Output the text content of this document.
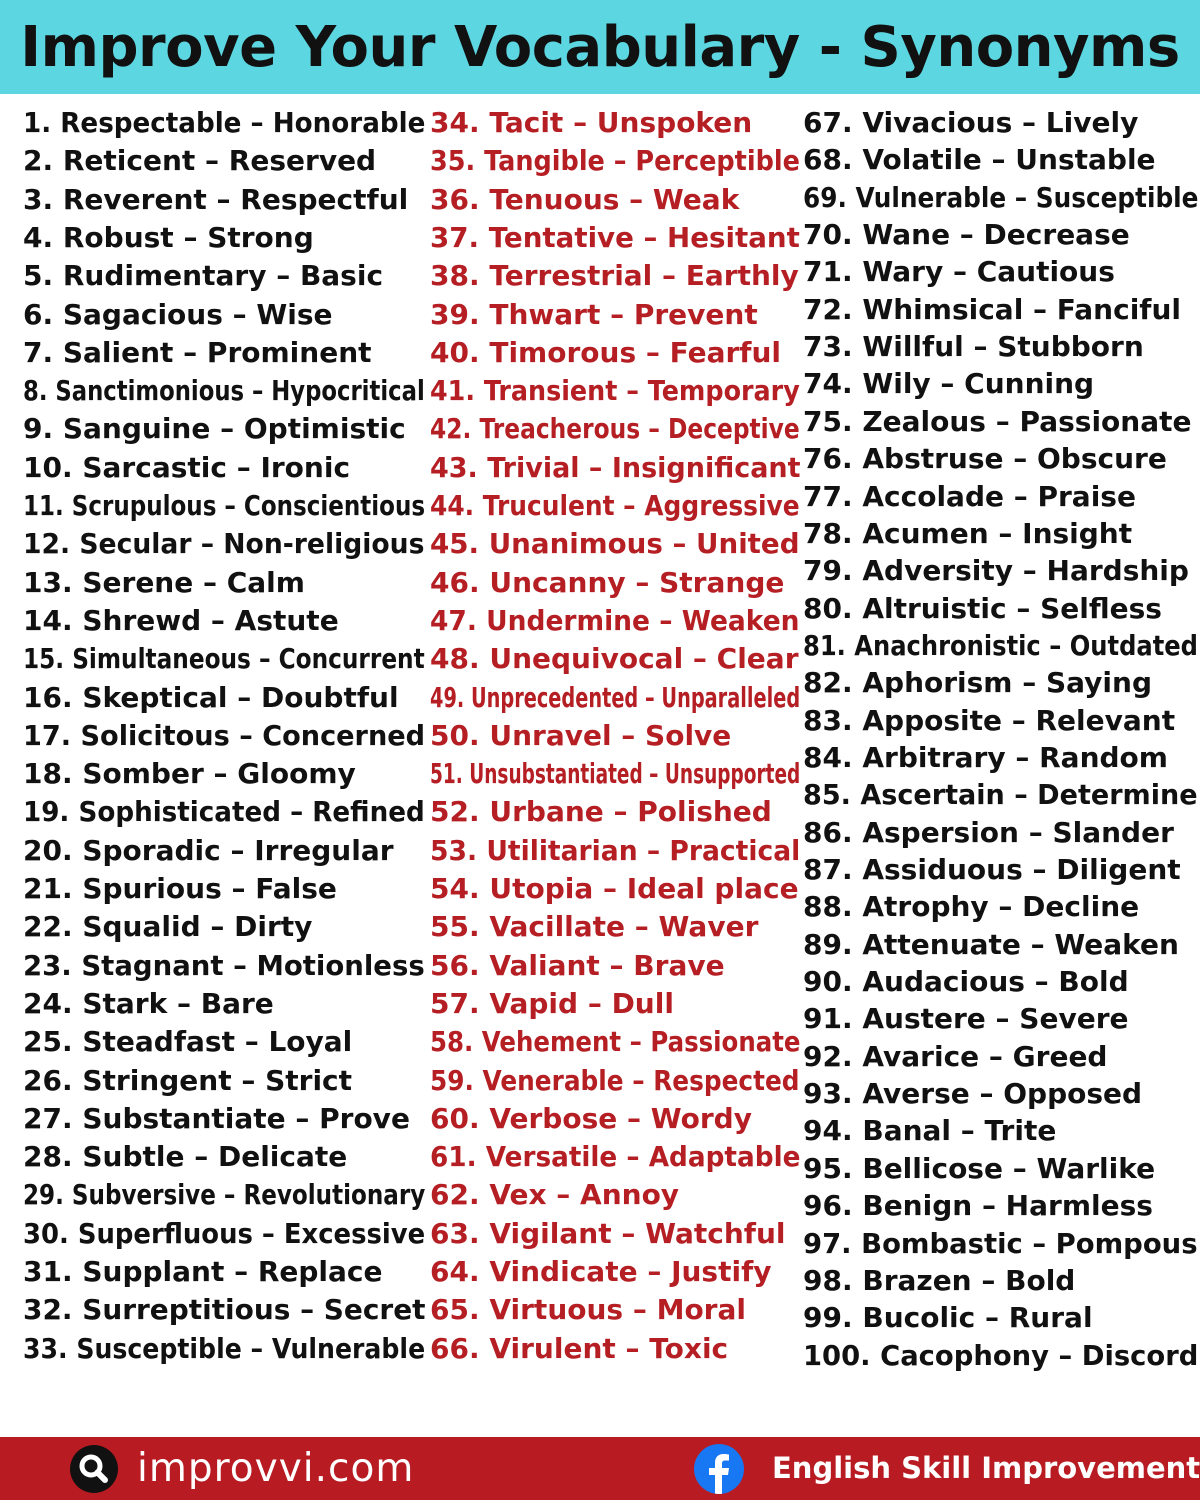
Improve Your Vocabulary - Synonyms
1. Respectable – Honorable
2. Reticent – Reserved
3. Reverent – Respectful
4. Robust – Strong
5. Rudimentary – Basic
6. Sagacious – Wise
7. Salient – Prominent
8. Sanctimonious – Hypocritical
9. Sanguine – Optimistic
10. Sarcastic – Ironic
11. Scrupulous – Conscientious
12. Secular – Non-religious
13. Serene – Calm
14. Shrewd – Astute
15. Simultaneous – Concurrent
16. Skeptical – Doubtful
17. Solicitous – Concerned
18. Somber – Gloomy
19. Sophisticated – Refined
20. Sporadic – Irregular
21. Spurious – False
22. Squalid – Dirty
23. Stagnant – Motionless
24. Stark – Bare
25. Steadfast – Loyal
26. Stringent – Strict
27. Substantiate – Prove
28. Subtle – Delicate
29. Subversive – Revolutionary
30. Superfluous – Excessive
31. Supplant – Replace
32. Surreptitious – Secret
33. Susceptible – Vulnerable
34. Tacit – Unspoken
35. Tangible – Perceptible
36. Tenuous – Weak
37. Tentative – Hesitant
38. Terrestrial – Earthly
39. Thwart – Prevent
40. Timorous – Fearful
41. Transient – Temporary
42. Treacherous – Deceptive
43. Trivial – Insignificant
44. Truculent – Aggressive
45. Unanimous – United
46. Uncanny – Strange
47. Undermine – Weaken
48. Unequivocal – Clear
49. Unprecedented – Unparalleled
50. Unravel – Solve
51. Unsubstantiated – Unsupported
52. Urbane – Polished
53. Utilitarian – Practical
54. Utopia – Ideal place
55. Vacillate – Waver
56. Valiant – Brave
57. Vapid – Dull
58. Vehement – Passionate
59. Venerable – Respected
60. Verbose – Wordy
61. Versatile – Adaptable
62. Vex – Annoy
63. Vigilant – Watchful
64. Vindicate – Justify
65. Virtuous – Moral
66. Virulent – Toxic
67. Vivacious – Lively
68. Volatile – Unstable
69. Vulnerable – Susceptible
70. Wane – Decrease
71. Wary – Cautious
72. Whimsical – Fanciful
73. Willful – Stubborn
74. Wily – Cunning
75. Zealous – Passionate
76. Abstruse – Obscure
77. Accolade – Praise
78. Acumen – Insight
79. Adversity – Hardship
80. Altruistic – Selfless
81. Anachronistic – Outdated
82. Aphorism – Saying
83. Apposite – Relevant
84. Arbitrary – Random
85. Ascertain – Determine
86. Aspersion – Slander
87. Assiduous – Diligent
88. Atrophy – Decline
89. Attenuate – Weaken
90. Audacious – Bold
91. Austere – Severe
92. Avarice – Greed
93. Averse – Opposed
94. Banal – Trite
95. Bellicose – Warlike
96. Benign – Harmless
97. Bombastic – Pompous
98. Brazen – Bold
99. Bucolic – Rural
100. Cacophony – Discord
improvvi.com	English Skill Improvement
